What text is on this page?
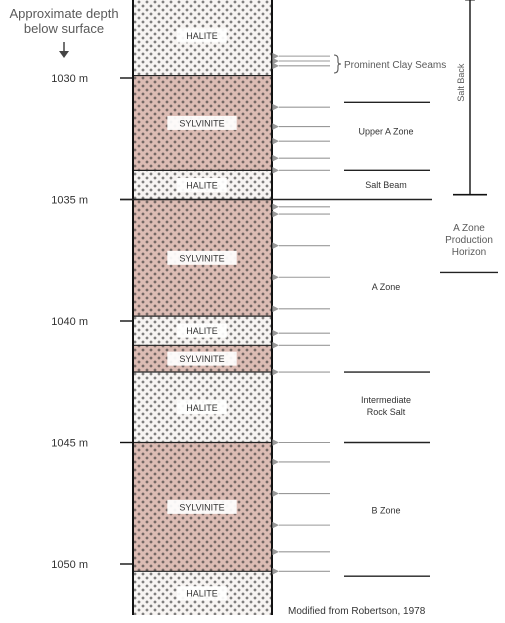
Approximate depth
below surface	HALITE
SYLVINITE
HALITE
SYLVINITE
HALITE
SYLVINITE
HALITE
SYLVINITE
HALITE
1030 m
1035 m
1040 m
1045 m
1050 m
Upper A Zone
Salt Beam
A Zone
Intermediate
Rock Salt
B Zone
Prominent Clay Seams Salt Back
A Zone
Production
Horizon
Modified from Robertson, 1978
